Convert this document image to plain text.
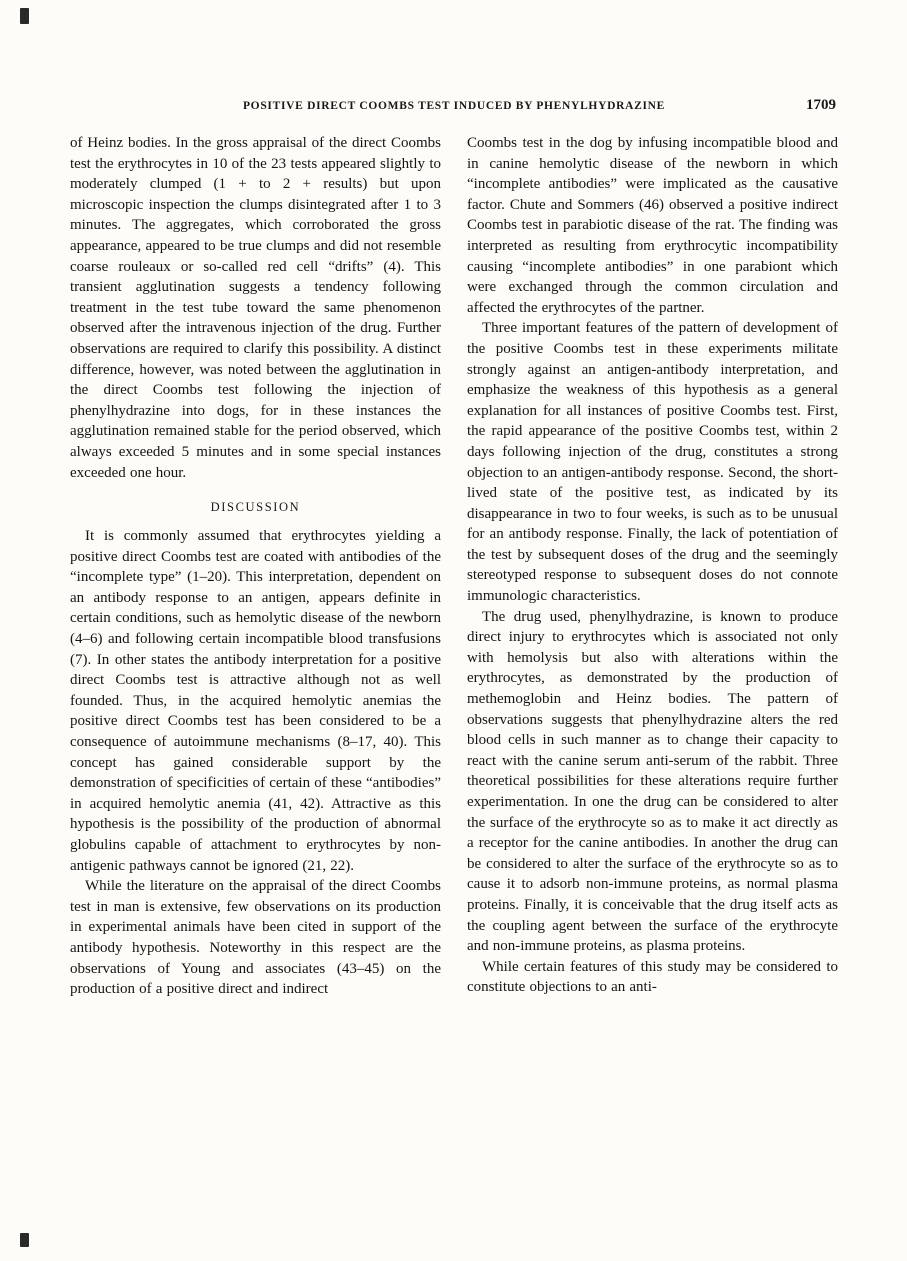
POSITIVE DIRECT COOMBS TEST INDUCED BY PHENYLHYDRAZINE	1709

of Heinz bodies. In the gross appraisal of the direct Coombs test the erythrocytes in 10 of the 23 tests appeared slightly to moderately clumped (1 + to 2 + results) but upon microscopic inspection the clumps disintegrated after 1 to 3 minutes. The aggregates, which corroborated the gross appearance, appeared to be true clumps and did not resemble coarse rouleaux or so-called red cell “drifts” (4). This transient agglutination suggests a tendency following treatment in the test tube toward the same phenomenon observed after the intravenous injection of the drug. Further observations are required to clarify this possibility. A distinct difference, however, was noted between the agglutination in the direct Coombs test following the injection of phenylhydrazine into dogs, for in these instances the agglutination remained stable for the period observed, which always exceeded 5 minutes and in some special instances exceeded one hour.

DISCUSSION

It is commonly assumed that erythrocytes yielding a positive direct Coombs test are coated with antibodies of the “incomplete type” (1–20). This interpretation, dependent on an antibody response to an antigen, appears definite in certain conditions, such as hemolytic disease of the newborn (4–6) and following certain incompatible blood transfusions (7). In other states the antibody interpretation for a positive direct Coombs test is attractive although not as well founded. Thus, in the acquired hemolytic anemias the positive direct Coombs test has been considered to be a consequence of autoimmune mechanisms (8–17, 40). This concept has gained considerable support by the demonstration of specificities of certain of these “antibodies” in acquired hemolytic anemia (41, 42). Attractive as this hypothesis is the possibility of the production of abnormal globulins capable of attachment to erythrocytes by non-antigenic pathways cannot be ignored (21, 22).

While the literature on the appraisal of the direct Coombs test in man is extensive, few observations on its production in experimental animals have been cited in support of the antibody hypothesis. Noteworthy in this respect are the observations of Young and associates (43–45) on the production of a positive direct and indirect

Coombs test in the dog by infusing incompatible blood and in canine hemolytic disease of the newborn in which “incomplete antibodies” were implicated as the causative factor. Chute and Sommers (46) observed a positive indirect Coombs test in parabiotic disease of the rat. The finding was interpreted as resulting from erythrocytic incompatibility causing “incomplete antibodies” in one parabiont which were exchanged through the common circulation and affected the erythrocytes of the partner.

Three important features of the pattern of development of the positive Coombs test in these experiments militate strongly against an antigen-antibody interpretation, and emphasize the weakness of this hypothesis as a general explanation for all instances of positive Coombs test. First, the rapid appearance of the positive Coombs test, within 2 days following injection of the drug, constitutes a strong objection to an antigen-antibody response. Second, the short-lived state of the positive test, as indicated by its disappearance in two to four weeks, is such as to be unusual for an antibody response. Finally, the lack of potentiation of the test by subsequent doses of the drug and the seemingly stereotyped response to subsequent doses do not connote immunologic characteristics.

The drug used, phenylhydrazine, is known to produce direct injury to erythrocytes which is associated not only with hemolysis but also with alterations within the erythrocytes, as demonstrated by the production of methemoglobin and Heinz bodies. The pattern of observations suggests that phenylhydrazine alters the red blood cells in such manner as to change their capacity to react with the canine serum anti-serum of the rabbit. Three theoretical possibilities for these alterations require further experimentation. In one the drug can be considered to alter the surface of the erythrocyte so as to make it act directly as a receptor for the canine antibodies. In another the drug can be considered to alter the surface of the erythrocyte so as to cause it to adsorb non-immune proteins, as normal plasma proteins. Finally, it is conceivable that the drug itself acts as the coupling agent between the surface of the erythrocyte and non-immune proteins, as plasma proteins.

While certain features of this study may be considered to constitute objections to an anti-
